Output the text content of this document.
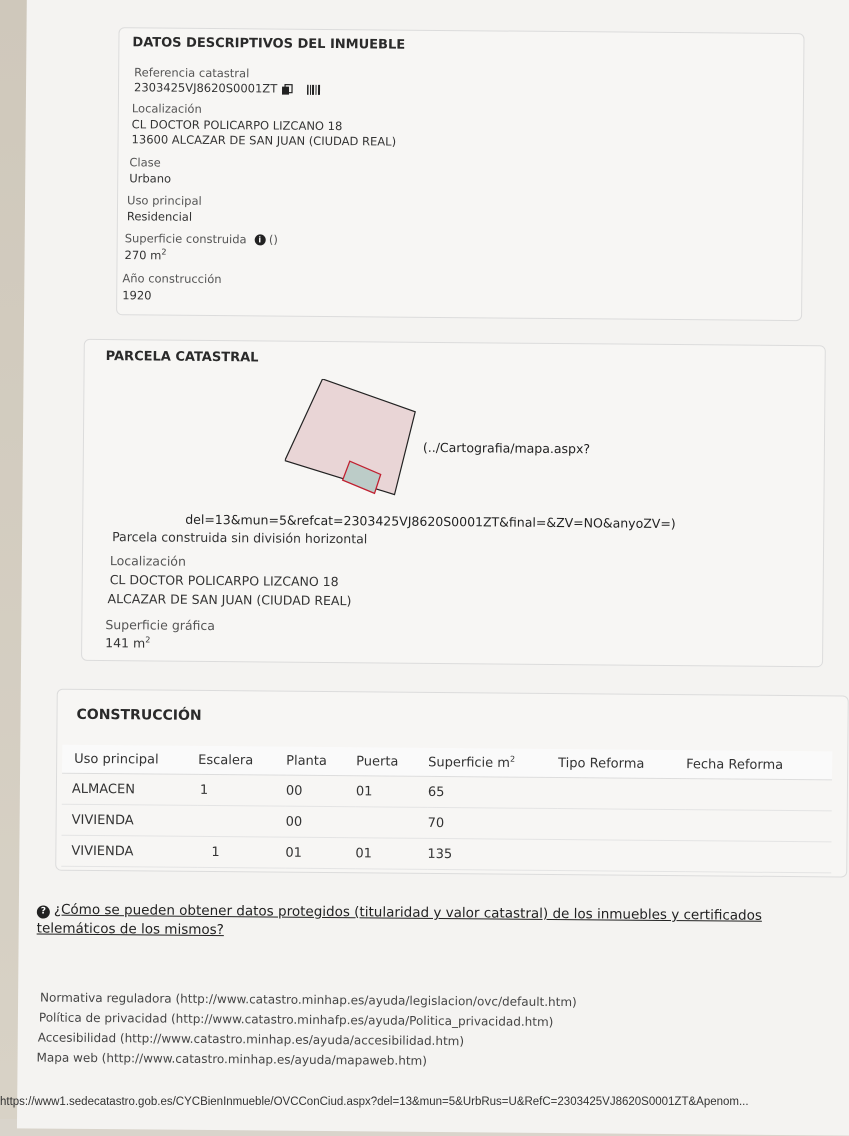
DATOS DESCRIPTIVOS DEL INMUEBLE
Referencia catastral
2303425VJ8620S0001ZT
Localización
CL DOCTOR POLICARPO LIZCANO 18
13600 ALCAZAR DE SAN JUAN (CIUDAD REAL)
Clase
Urbano
Uso principal
Residencial
Superficie construida i ()
270 $m^2$
Año construcción
1920
PARCELA CATASTRAL
(../Cartografia/mapa.aspx?
del=13&mun=5&refcat=2303425VJ8620S0001ZT&final=&ZV=NO&anyoZV=)
Parcela construida sin división horizontal
Localización
CL DOCTOR POLICARPO LIZCANO 18
ALCAZAR DE SAN JUAN (CIUDAD REAL)
Superficie gráfica
141 $m^2$
CONSTRUCCIÓN
Uso principal	Escalera	Planta	Puerta	Superficie $m^2$	Tipo Reforma	Fecha Reforma
ALMACEN	1	00	01	65		
VIVIENDA		00		70		
VIVIENDA	1	01	01	135		
? ¿Cómo se pueden obtener datos protegidos (titularidad y valor catastral) de los inmuebles y certificados telemáticos de los mismos?
Normativa reguladora (http://www.catastro.minhap.es/ayuda/legislacion/ovc/default.htm)
Política de privacidad (http://www.catastro.minhafp.es/ayuda/Politica_privacidad.htm)
Accesibilidad (http://www.catastro.minhap.es/ayuda/accesibilidad.htm)
Mapa web (http://www.catastro.minhap.es/ayuda/mapaweb.htm)
https://www1.sedecatastro.gob.es/CYCBienInmueble/OVCConCiud.aspx?del=13&mun=5&UrbRus=U&RefC=2303425VJ8620S0001ZT&Apenom...
